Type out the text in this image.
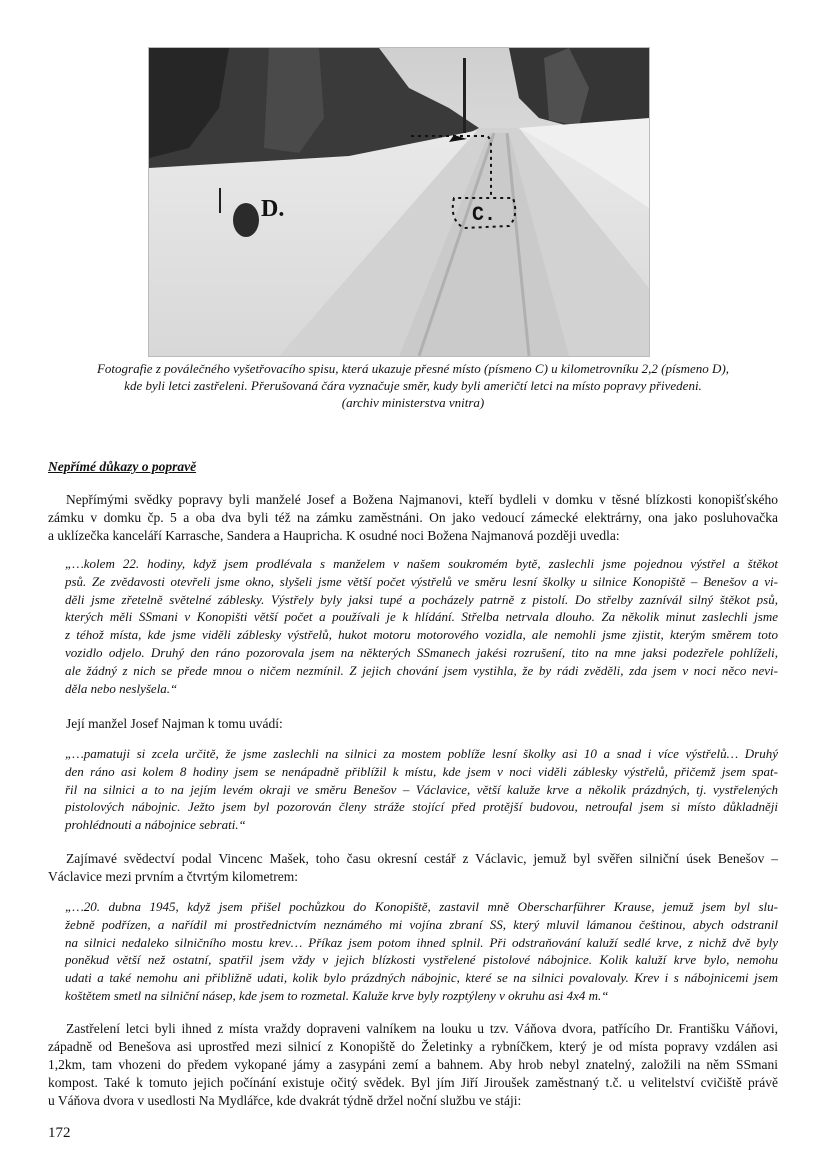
C.
D.
Fotografie z poválečného vyšetřovacího spisu, která ukazuje přesné místo (písmeno C) u kilometrovníku 2,2 (písmeno D),
kde byli letci zastřeleni. Přerušovaná čára vyznačuje směr, kudy byli američtí letci na místo popravy přivedeni.
(archiv ministerstva vnitra)
Nepřímé důkazy o popravě
Nepřímými svědky popravy byli manželé Josef a Božena Najmanovi, kteří bydleli v domku v těsné blízkosti konopišťského
zámku v domku čp. 5 a oba dva byli též na zámku zaměstnáni. On jako vedoucí zámecké elektrárny, ona jako posluhovačka
a uklízečka kanceláří Karrasche, Sandera a Haupricha. K osudné noci Božena Najmanová později uvedla:
„…kolem 22. hodiny, když jsem prodlévala s manželem v našem soukromém bytě, zaslechli jsme pojednou výstřel a štěkot
psů. Ze zvědavosti otevřeli jsme okno, slyšeli jsme větší počet výstřelů ve směru lesní školky u silnice Konopiště – Benešov a vi-
děli jsme zřetelně světelné záblesky. Výstřely byly jaksi tupé a pocházely patrně z pistolí. Do střelby zaznívál silný štěkot psů,
kterých měli SSmani v Konopišti větší počet a používali je k hlídání. Střelba netrvala dlouho. Za několik minut zaslechli jsme
z téhož místa, kde jsme viděli záblesky výstřelů, hukot motoru motorového vozidla, ale nemohli jsme zjistit, kterým směrem toto
vozidlo odjelo. Druhý den ráno pozorovala jsem na některých SSmanech jakési rozrušení, tito na mne jaksi podezřele pohlíželi,
ale žádný z nich se přede mnou o ničem nezmínil. Z jejich chování jsem vystihla, že by rádi zvěděli, zda jsem v noci něco nevi-
děla nebo neslyšela.“
Její manžel Josef Najman k tomu uvádí:
„…pamatuji si zcela určitě, že jsme zaslechli na silnici za mostem poblíže lesní školky asi 10 a snad i více výstřelů… Druhý
den ráno asi kolem 8 hodiny jsem se nenápadně přiblížil k místu, kde jsem v noci viděli záblesky výstřelů, přičemž jsem spat-
řil na silnici a to na jejím levém okraji ve směru Benešov – Václavice, větší kaluže krve a několik prázdných, tj. vystřelených
pistolových nábojnic. Ježto jsem byl pozorován členy stráže stojící před protější budovou, netroufal jsem si místo důkladněji
prohlédnouti a nábojnice sebrati.“
Zajímavé svědectví podal Vincenc Mašek, toho času okresní cestář z Václavic, jemuž byl svěřen silniční úsek Benešov –
Václavice mezi prvním a čtvrtým kilometrem:
„…20. dubna 1945, když jsem přišel pochůzkou do Konopiště, zastavil mně Oberscharführer Krause, jemuž jsem byl slu-
žebně podřízen, a nařídil mi prostřednictvím neznámého mi vojína zbraní SS, který mluvil lámanou češtinou, abych odstranil
na silnici nedaleko silničního mostu krev… Příkaz jsem potom ihned splnil. Při odstraňování kaluží sedlé krve, z nichž dvě byly
poněkud větší než ostatní, spatřil jsem vždy v jejich blízkosti vystřelené pistolové nábojnice. Kolik kaluží krve bylo, nemohu
udati a také nemohu ani přibližně udati, kolik bylo prázdných nábojnic, které se na silnici povalovaly. Krev i s nábojnicemi jsem
koštětem smetl na silniční násep, kde jsem to rozmetal. Kaluže krve byly rozptýleny v okruhu asi 4x4 m.“
Zastřelení letci byli ihned z místa vraždy dopraveni valníkem na louku u tzv. Váňova dvora, patřícího Dr. Františku Váňovi,
západně od Benešova asi uprostřed mezi silnicí z Konopiště do Želetinky a rybníčkem, který je od místa popravy vzdálen asi
1,2km, tam vhozeni do předem vykopané jámy a zasypáni zemí a bahnem. Aby hrob nebyl znatelný, založili na něm SSmani
kompost. Také k tomuto jejich počínání existuje očitý svědek. Byl jím Jiří Jiroušek zaměstnaný t.č. u velitelství cvičiště právě
u Váňova dvora v usedlosti Na Mydlářce, kde dvakrát týdně držel noční službu ve stáji:
172
